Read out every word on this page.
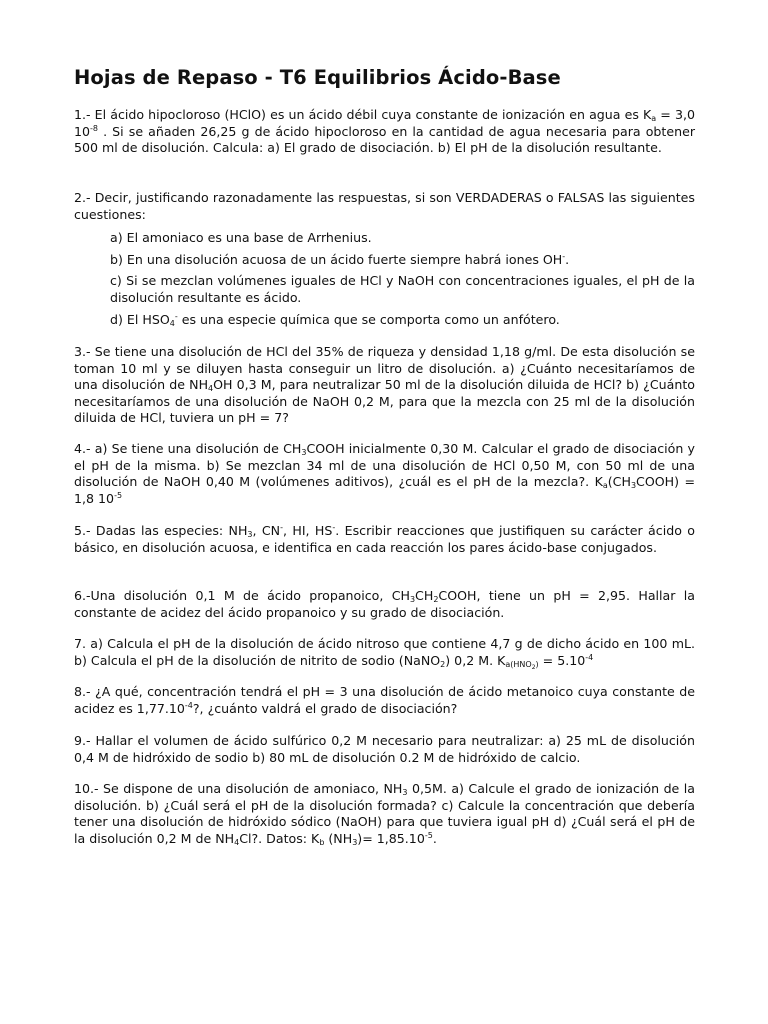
Hojas de Repaso - T6 Equilibrios Ácido-Base

1.- El ácido hipocloroso (HClO) es un ácido débil cuya constante de ionización en agua es $K_a = 3,0$ $10^{-8}$ . Si se añaden 26,25 g de ácido hipocloroso en la cantidad de agua necesaria para obtener 500 ml de disolución. Calcula: a) El grado de disociación. b) El pH de la disolución resultante.

2.- Decir, justificando razonadamente las respuestas, si son VERDADERAS o FALSAS las siguientes cuestiones:

a) El amoniaco es una base de Arrhenius.

b) En una disolución acuosa de un ácido fuerte siempre habrá iones OH-.

c) Si se mezclan volúmenes iguales de HCl y NaOH con concentraciones iguales, el pH de la disolución resultante es ácido.

d) El $HSO_4^-$ es una especie química que se comporta como un anfótero.

3.- Se tiene una disolución de HCl del 35% de riqueza y densidad 1,18 g/ml. De esta disolución se toman 10 ml y se diluyen hasta conseguir un litro de disolución. a) ¿Cuánto necesitaríamos de una disolución de $NH_4OH$ 0,3 M, para neutralizar 50 ml de la disolución diluida de HCl? b) ¿Cuánto necesitaríamos de una disolución de NaOH 0,2 M, para que la mezcla con 25 ml de la disolución diluida de HCl, tuviera un pH = 7?

4.- a) Se tiene una disolución de $CH_3COOH$ inicialmente 0,30 M. Calcular el grado de disociación y el pH de la misma. b) Se mezclan 34 ml de una disolución de HCl 0,50 M, con 50 ml de una disolución de NaOH 0,40 M (volúmenes aditivos), ¿cuál es el pH de la mezcla?. $K_a(CH_3COOH) = 1,8$ $10^{-5}$

5.- Dadas las especies: $NH_3$, CN-, HI, HS-. Escribir reacciones que justifiquen su carácter ácido o básico, en disolución acuosa, e identifica en cada reacción los pares ácido-base conjugados.

6.-Una disolución 0,1 M de ácido propanoico, $CH_3CH_2COOH$, tiene un pH = 2,95. Hallar la constante de acidez del ácido propanoico y su grado de disociación.

7. a) Calcula el pH de la disolución de ácido nitroso que contiene 4,7 g de dicho ácido en 100 mL. b) Calcula el pH de la disolución de nitrito de sodio (NaNO$_2$) 0,2 M. $K_{a(HNO2)} = 5.10^{-4}$

8.- ¿A qué, concentración tendrá el pH = 3 una disolución de ácido metanoico cuya constante de acidez es $1,77.10^{-4}$?, ¿cuánto valdrá el grado de disociación?

9.- Hallar el volumen de ácido sulfúrico 0,2 M necesario para neutralizar: a) 25 mL de disolución 0,4 M de hidróxido de sodio b) 80 mL de disolución 0.2 M de hidróxido de calcio.

10.- Se dispone de una disolución de amoniaco, $NH_3$ 0,5M. a) Calcule el grado de ionización de la disolución. b) ¿Cuál será el pH de la disolución formada? c) Calcule la concentración que debería tener una disolución de hidróxido sódico (NaOH) para que tuviera igual pH d) ¿Cuál será el pH de la disolución 0,2 M de $NH_4Cl$?. Datos: $K_b$ $(NH_3)= 1,85.10^{-5}$.
